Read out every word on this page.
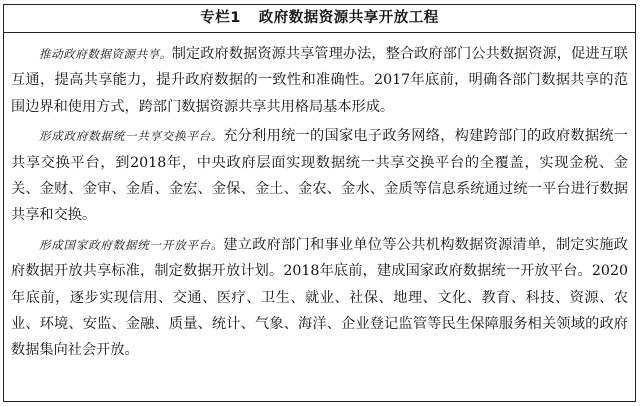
专栏1 政府数据资源共享开放工程

推动政府数据资源共享。制定政府数据资源共享管理办法，整合政府部门公共数据资源，促进互联互通，提高共享能力，提升政府数据的一致性和准确性。2017年底前，明确各部门数据共享的范围边界和使用方式，跨部门数据资源共享共用格局基本形成。

形成政府数据统一共享交换平台。充分利用统一的国家电子政务网络，构建跨部门的政府数据统一共享交换平台，到2018年，中央政府层面实现数据统一共享交换平台的全覆盖，实现金税、金关、金财、金审、金盾、金宏、金保、金土、金农、金水、金质等信息系统通过统一平台进行数据共享和交换。

形成国家政府数据统一开放平台。建立政府部门和事业单位等公共机构数据资源清单，制定实施政府数据开放共享标准，制定数据开放计划。2018年底前，建成国家政府数据统一开放平台。2020年底前，逐步实现信用、交通、医疗、卫生、就业、社保、地理、文化、教育、科技、资源、农业、环境、安监、金融、质量、统计、气象、海洋、企业登记监管等民生保障服务相关领域的政府数据集向社会开放。
